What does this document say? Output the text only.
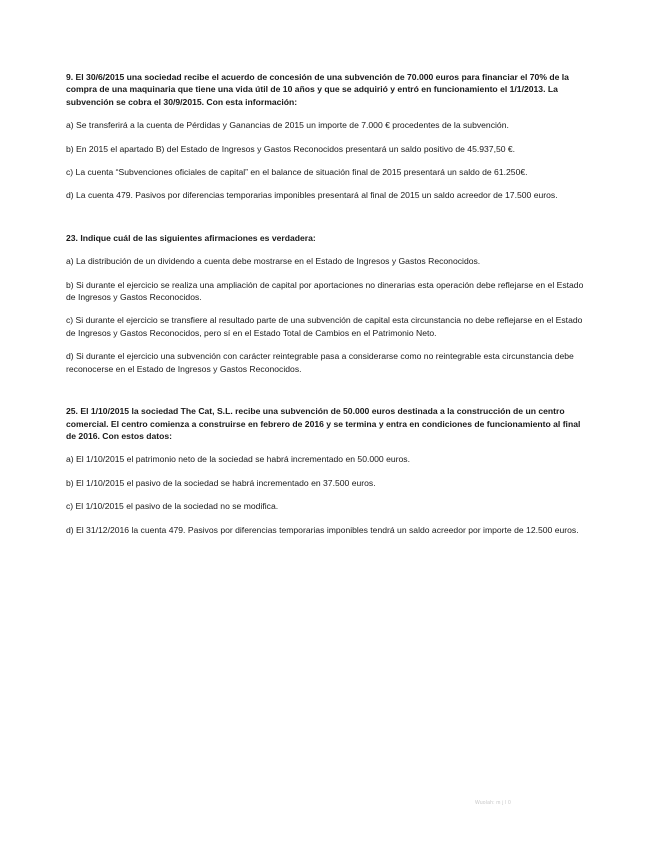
9. El 30/6/2015 una sociedad recibe el acuerdo de concesión de una subvención de 70.000 euros para financiar el 70% de la compra de una maquinaria que tiene una vida útil de 10 años y que se adquirió y entró en funcionamiento el 1/1/2013. La subvención se cobra el 30/9/2015. Con esta información:

a) Se transferirá a la cuenta de Pérdidas y Ganancias de 2015 un importe de 7.000 € procedentes de la subvención.

b) En 2015 el apartado B) del Estado de Ingresos y Gastos Reconocidos presentará un saldo positivo de 45.937,50 €.

c) La cuenta “Subvenciones oficiales de capital” en el balance de situación final de 2015 presentará un saldo de 61.250€.

d) La cuenta 479. Pasivos por diferencias temporarias imponibles presentará al final de 2015 un saldo acreedor de 17.500 euros.

23. Indique cuál de las siguientes afirmaciones es verdadera:

a) La distribución de un dividendo a cuenta debe mostrarse en el Estado de Ingresos y Gastos Reconocidos.

b) Si durante el ejercicio se realiza una ampliación de capital por aportaciones no dinerarias esta operación debe reflejarse en el Estado de Ingresos y Gastos Reconocidos.

c) Si durante el ejercicio se transfiere al resultado parte de una subvención de capital esta circunstancia no debe reflejarse en el Estado de Ingresos y Gastos Reconocidos, pero sí en el Estado Total de Cambios en el Patrimonio Neto.

d) Si durante el ejercicio una subvención con carácter reintegrable pasa a considerarse como no reintegrable esta circunstancia debe reconocerse en el Estado de Ingresos y Gastos Reconocidos.

25. El 1/10/2015 la sociedad The Cat, S.L. recibe una subvención de 50.000 euros destinada a la construcción de un centro comercial. El centro comienza a construirse en febrero de 2016 y se termina y entra en condiciones de funcionamiento al final de 2016. Con estos datos:

a) El 1/10/2015 el patrimonio neto de la sociedad se habrá incrementado en 50.000 euros.

b) El 1/10/2015 el pasivo de la sociedad se habrá incrementado en 37.500 euros.

c) El 1/10/2015 el pasivo de la sociedad no se modifica.

d) El 31/12/2016 la cuenta 479. Pasivos por diferencias temporarias imponibles tendrá un saldo acreedor por importe de 12.500 euros.

Wuolah: m j l 0
